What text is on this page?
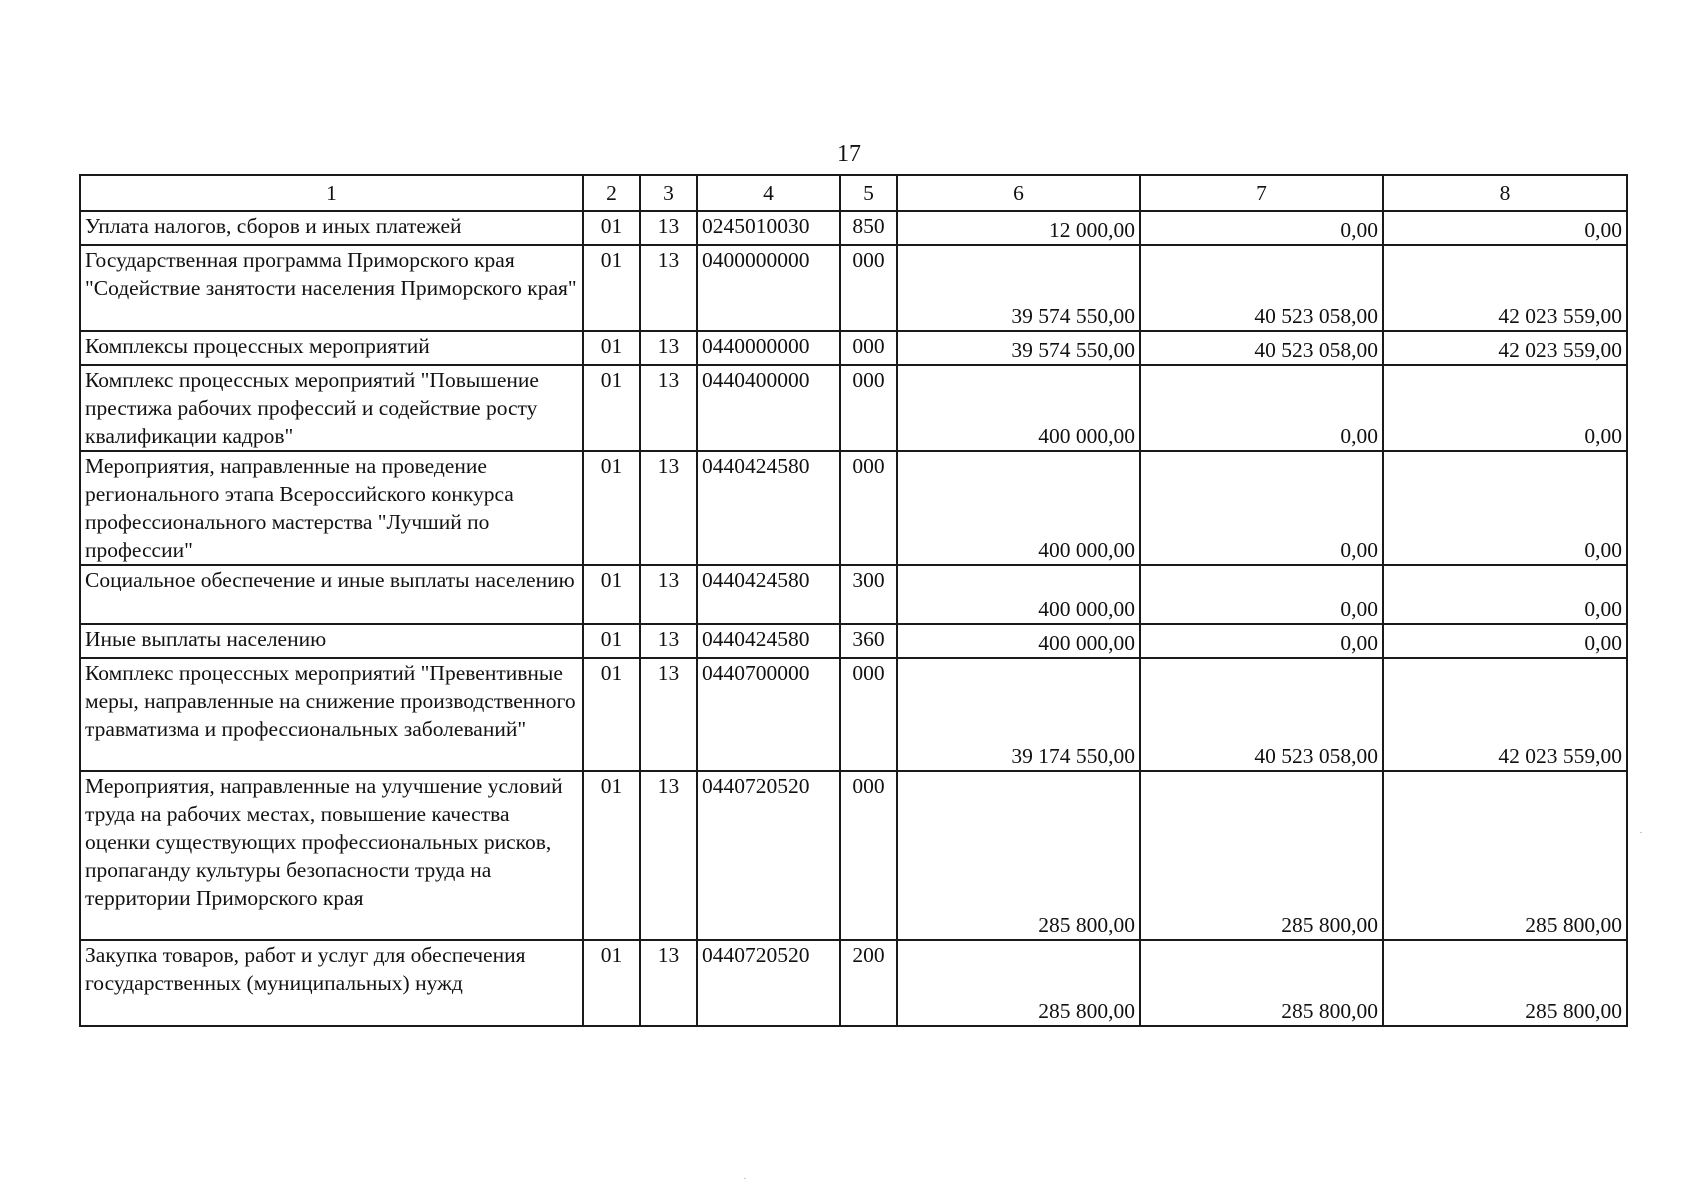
17
1	2	3	4	5	6	7	8
Уплата налогов, сборов и иных платежей	01	13	0245010030	850	12 000,00	0,00	0,00
Государственная программа Приморского края "Содействие занятости населения Приморского края"	01	13	0400000000	000	39 574 550,00	40 523 058,00	42 023 559,00
Комплексы процессных мероприятий	01	13	0440000000	000	39 574 550,00	40 523 058,00	42 023 559,00
Комплекс процессных мероприятий "Повышение престижа рабочих профессий и содействие росту квалификации кадров"	01	13	0440400000	000	400 000,00	0,00	0,00
Мероприятия, направленные на проведение регионального этапа Всероссийского конкурса профессионального мастерства "Лучший по профессии"	01	13	0440424580	000	400 000,00	0,00	0,00
Социальное обеспечение и иные выплаты населению	01	13	0440424580	300	400 000,00	0,00	0,00
Иные выплаты населению	01	13	0440424580	360	400 000,00	0,00	0,00
Комплекс процессных мероприятий "Превентивные меры, направленные на снижение производственного травматизма и профессиональных заболеваний"	01	13	0440700000	000	39 174 550,00	40 523 058,00	42 023 559,00
Мероприятия, направленные на улучшение условий труда на рабочих местах, повышение качества оценки существующих профессиональных рисков, пропаганду культуры безопасности труда на территории Приморского края	01	13	0440720520	000	285 800,00	285 800,00	285 800,00
Закупка товаров, работ и услуг для обеспечения государственных (муниципальных) нужд	01	13	0440720520	200	285 800,00	285 800,00	285 800,00
